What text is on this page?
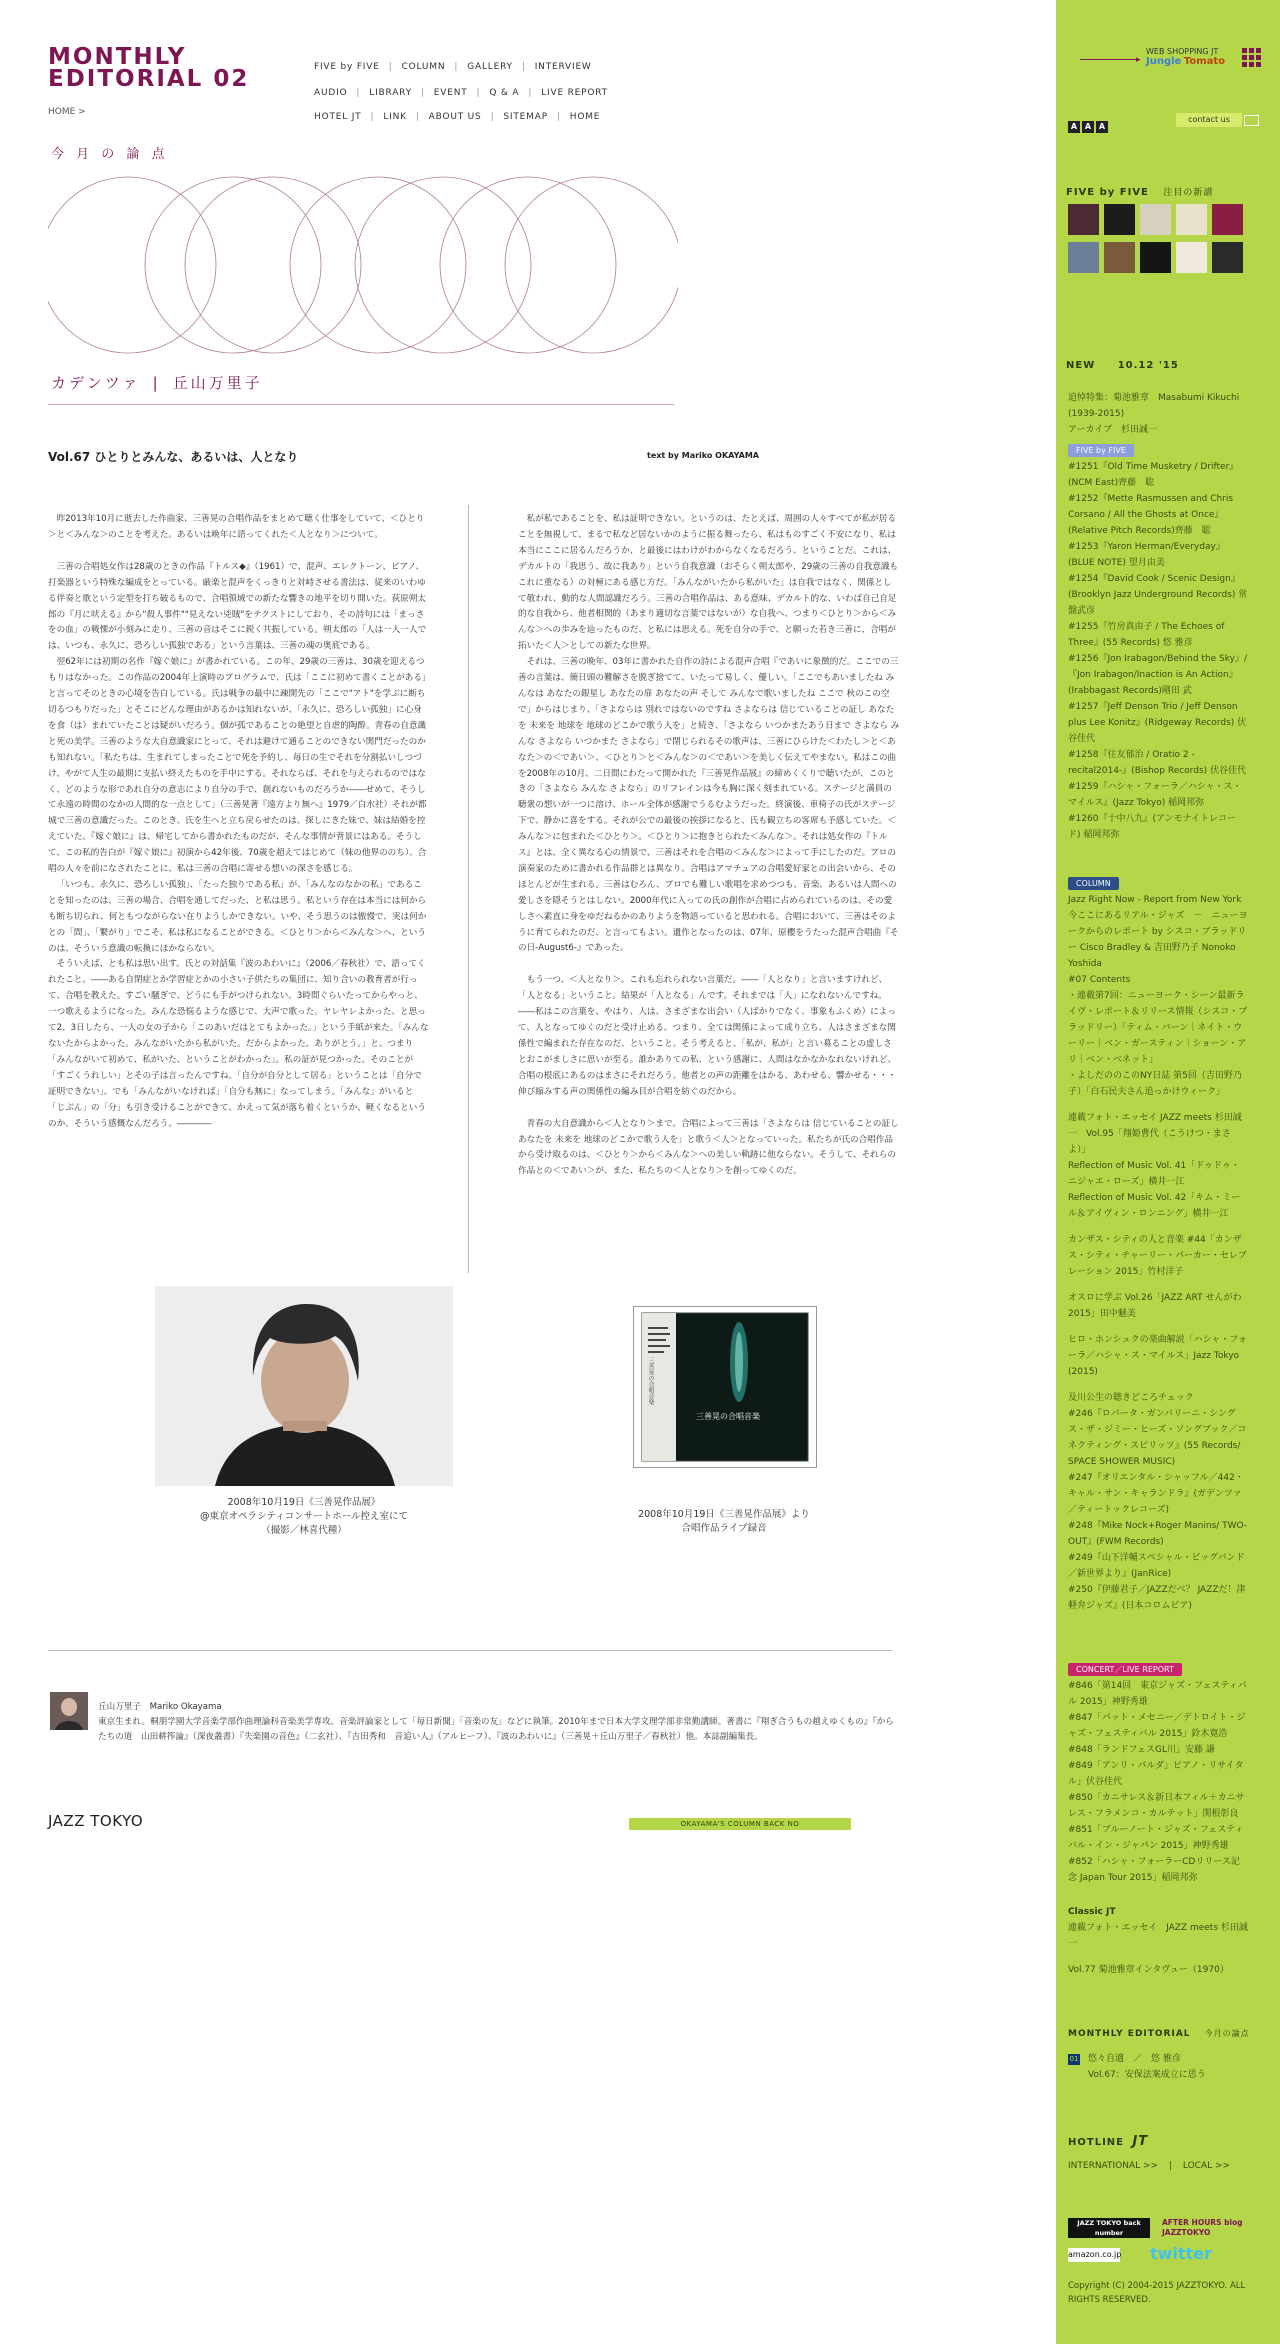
MONTHLY
EDITORIAL 02
HOME >
FIVE by FIVE | COLUMN | GALLERY | INTERVIEW
AUDIO | LIBRARY | EVENT | Q & A | LIVE REPORT
HOTEL JT | LINK | ABOUT US | SITEMAP | HOME
今 月 の 論 点
カデンツァ | 丘山万里子
Vol.67 ひとりとみんな、あるいは、人となり	text by Mariko OKAYAMA

昨2013年10月に逝去した作曲家、三善晃の合唱作品をまとめて聴く仕事をしていて、＜ひとり＞と＜みんな＞のことを考えた。あるいは晩年に語ってくれた＜人となり＞について。

三善の合唱処女作は28歳のときの作品『トルス◆』（1961）で、混声、エレクトーン、ピアノ、打楽器という特殊な編成をとっている。厳楽と混声をくっきりと対峙させる書法は、従来のいわゆる伴奏と歌という定型を打ち破るもので、合唱領域での新たな響きの地平を切り開いた。荻原朔太郎の『月に吠える』から"殺人事件""見えない兇賊"をテクストにしており、その詩句には「まっさをの血」の戦慄が小刻みに走り、三善の音はそこに鋭く共振している。朔太郎の「人は一人一人では、いつも、永久に、恐ろしい孤独である」という言葉は、三善の魂の奥底である。

翌62年には初期の名作『嫁ぐ娘に』が書かれている。この年、29歳の三善は、30歳を迎えるつもりはなかった。この作品の2004年上演時のプログラムで、氏は「ここに初めて書くことがある」と言ってそのときの心境を告白している。氏は戦争の最中に疎開先の「ここで"アト"を学ぶに断ち切るつもりだった」とそこにどんな理由があるかは知れないが、「永久に、恐ろしい孤独」に心身を食（は）まれていたことは疑がいだろう。個が孤であることの絶望と自虐的陶酔。青春の自意識と死の美学。三善のような大自意識家にとって、それは避けて通ることのできない関門だったのかも知れない。「私たちは、生まれてしまったことで死を予約し、毎日の生でそれを分割払いしつづけ、やがて人生の最期に支払い終えたものを手中にする。それならば、それを与えられるのではなく、どのような形であれ自分の意志により自分の手で、創れないものだろうか――せめて、そうして永遠の時間のなかの人間的な一点として」（三善晃著『遠方より無へ』1979／白水社）それが都城で三善の意識だった。このとき、氏を生へと立ち戻らせたのは、探しにきた妹で、妹は結婚を控えていた。『嫁ぐ娘に』は、帰宅してから書かれたものだが、そんな事情が背景にはある。そうして、この私的告白が『嫁ぐ娘に』初演から42年後、70歳を超えてはじめて（妹の他界ののち）、合唱の人々を前になされたことに、私は三善の合唱に寄せる想いの深さを感じる。

「いつも、永久に、恐ろしい孤独」、「たった独りである私」が、「みんなのなかの私」であることを知ったのは、三善の場合、合唱を通してだった、と私は思う。私という存在は本当には何からも断ち切られ、何ともつながらない在りようしかできない。いや、そう思うのは傲慢で、実は何かとの「間」、「繋がり」でこそ、私は私になることができる。＜ひとり＞から＜みんな＞へ、というのは、そういう意識の転換にほかならない。

そういえば、とも私は思い出す。氏との対話集『波のあわいに』（2006／春秋社）で、語ってくれたこと。――ある自閉症とか学習症とかの小さい子供たちの集団に、知り合いの教育者が行って、合唱を教えた。すごい騒ぎで、どうにも手がつけられない。3時間ぐらいたってからやっと、一つ歌えるようになった。みんな恐悩るような感じで、大声で歌った。ヤレヤレよかった、と思って2、3日したら、一人の女の子から「このあいだはとてもよかった。」という手紙が来た。「みんなないたからよかった。みんながいたから私がいた。だからよかった。ありがとう。」と。つまり「みんながいて初めて、私がいた、ということがわかった」。私の証が見つかった。そのことが「すごくうれしい」とその子は言ったんですね。「自分が自分として居る」ということは「自分で証明できない」。でも「みんながいなければ」「自分も無に」なってしまう。「みんな」がいると「じぶん」の「分」も引き受けることができて、かえって気が落ち着くというか、軽くなるというのか、そういう感慨なんだろう。――――

私が私であることを、私は証明できない。というのは、たとえば、周囲の人々すべてが私が居ることを無視して、まるで私など居ないかのように振る舞ったら、私はものすごく不安になり、私は本当にここに居るんだろうか、と最後にはわけがわからなくなるだろう、ということだ。これは、デカルトの「我思う、故に我あり」という自我意識（おそらく朔太郎や、29歳の三善の自我意識もこれに重なる）の対極にある感じ方だ。「みんながいたから私がいた」は自我ではなく、関係として敬われ、動的な人間認識だろう。三善の合唱作品は、ある意味、デカルト的な、いわば自己自足的な自我から、他者相関的（あまり適切な言葉ではないが）な自我へ、つまり＜ひとり＞から＜みんな＞への歩みを辿ったものだ、と私には思える。死を自分の手で、と願った若き三善に、合唱が拓いた＜人＞としての新たな世界。

それは、三善の晩年、03年に書かれた自作の詩による混声合唱『であいに象徴的だ。ここでの三善の言葉は、簡日頭の難解さを脱ぎ捨てて、いたって易しく、優しい。「ここでもあいましたね みんなは あなたの銀星し あなたの扉 あなたの声 そして みんなで歌いましたね ここで 秋のこの空で」からはじまり、「さよならは 別れではないのですね さよならは 信じていることの証し あなたを 未来を 地球を 地球のどこかで歌う人を」と続き、「さよなら いつかまたあう日まで さよなら みんな さよなら いつかまた さよなら」で閉じられるその歌声は、三善にひらけた＜わたし＞と＜あなた＞の＜であい＞、＜ひとり＞と＜みんな＞の＜であい＞を美しく伝えてやまない。私はこの曲を2008年の10月、二日間にわたって開かれた『三善晃作品展』の締めくくりで聴いたが、このときの「さよなら みんな さよなら」のリフレインは今も胸に深く刻まれている。ステージと満員の聴衆の想いが一つに溶け、ホール全体が感謝でうるむようだった。終演後、車椅子の氏がステージ下で、静かに喜をする。それが公での最後の挨拶になると、氏も観立ちの客席も予感していた。＜みんな＞に包まれた＜ひとり＞。＜ひとり＞に抱きとられた＜みんな＞。それは処女作の『トルス』とは、全く異なる心の情景で、三善はそれを合唱の＜みんな＞によって手にしたのだ。プロの演奏家のために書かれる作品群とは異なり、合唱はアマチュアの合唱愛好家との出会いから、そのほとんどが生まれる。三善はむろん、プロでも難しい歌唱を求めつつも、音楽、あるいは人間への愛しさを隠そうとはしない。2000年代に入っての氏の創作が合唱に占められているのは、その愛しさへ素直に身をゆだねるかのありようを物語っていると思われる。合唱において、三善はそのように育てられたのだ、と言ってもよい。遺作となったのは、07年、原櫻をうたった混声合唱曲『その日-August6-』であった。

もう一つ、＜人となり＞。これも忘れられない言葉だ。――「人となり」と言いますけれど、「人となる」ということ。結果が「人となる」んです。それまでは「人」になれないんですね。――私はこの言葉を、やはり、人は、さまざまな出会い（人ばかりでなく、事象もふくめ）によって、人となってゆくのだと受け止める。つまり、全ては関係によって成り立ち、人はさまざまな関係性で編まれた存在なのだ、ということ。そう考えると、「私が、私が」と言い募ることの虚しさとおこがましさに思いが至る。誰かありての私、という感謝に、人間はなかなかなれないけれど、合唱の根底にあるのはまさにそれだろう。他者との声の距離をはかる、あわせる、響かせる・・・伸び縮みする声の関係性の編み目が合唱を紡ぐのだから。

青春の大自意識から＜人となり＞まで。合唱によって三善は「さよならは 信じていることの証し あなたを 未来を 地球のどこかで歌う人を」と歌う＜人＞となっていった。私たちが氏の合唱作品から受け取るのは、＜ひとり＞から＜みんな＞への美しい軌跡に他ならない。そうして、それらの作品との＜であい＞が、また、私たちの＜人となり＞を創ってゆくのだ。

三善晃の合唱音楽
三善晃の合唱音楽
2008年10月19日《三善晃作品展》
@東京オペラシティコンサートホール控え室にて
（撮影／林喜代種）
2008年10月19日《三善晃作品展》より
合唱作品ライブ録音
丘山万里子　Mariko Okayama
東京生まれ。桐朋学園大学音楽学部作曲理論科音楽美学専攻。音楽評論家として「毎日新聞」「音楽の友」などに執筆。2010年まで日本大学文理学部非常勤講師。著書に『翔ぎ合うもの越えゆくもの』『からたちの道　山田耕筰論』（深夜叢書）『失楽園の音色』（二玄社）、『吉田秀和　音追い人』（アルヒーフ）、『波のあわいに』（三善晃＋丘山万里子／春秋社）他。本誌副編集長。
JAZZ TOKYO	OKAYAMA'S COLUMN BACK NO
▸
WEB SHOPPING JT
Jungle Tomato
A A A
contact us
FIVE by FIVE 注目の新譜
NEW 10.12 '15
追悼特集：菊池雅章　Masabumi Kikuchi (1939-2015)
アーカイブ　杉田誠一
FIVE by FIVE
#1251『Old Time Musketry / Drifter』(NCM East)齊藤　聡
#1252『Mette Rasmussen and Chris Corsano / All the Ghosts at Once』(Relative Pitch Records)齊藤　聡
#1253『Yaron Herman/Everyday』(BLUE NOTE) 望月由美
#1254『David Cook / Scenic Design』(Brooklyn Jazz Underground Records) 常盤武彦
#1255『竹房真由子 / The Echoes of Three』(55 Records) 悠 雅彦
#1256『Jon Irabagon/Behind the Sky』/『Jon Irabagon/Inaction is An Action』(Irabbagast Records)剛田 武
#1257『Jeff Denson Trio / Jeff Denson plus Lee Konitz』(Ridgeway Records) 伏谷佳代
#1258『住友郁治 / Oratio 2 - recital2014-』(Bishop Records) 伏谷佳代
#1259『ハシャ・フォーラ／ハシャ・ス・マイルス』(Jazz Tokyo) 稲岡邦弥
#1260『十中八九』(アンモナイトレコード) 稲岡邦弥
COLUMN
Jazz Right Now - Report from New York 今ここにあるリアル・ジャズ　－　ニューヨークからのレポート by シスコ・ブラッドリー Cisco Bradley & 吉田野乃子 Nonoko Yoshida
#07 Contents
・連載第7回：ニューヨーク・シーン最新ライヴ・レポート＆リリース情報（シスコ・ブラッドリー）「ティム・バーン｜ネイト・ウーリー｜ベン・ガースティン｜ショーン・アリ｜ベン・ベネット」
・よしだののこのNY日誌 第5回（吉田野乃子）「白石民夫さん追っかけウィーク」
連載フォト・エッセイ JAZZ meets 杉田誠一　Vol.95「翔姫曹代（こうけつ・まさよ）」
Reflection of Music Vol. 41「ドゥドゥ・ニジャエ・ローズ」横井一江
Reflection of Music Vol. 42「キム・ミール＆アイヴィン・ロンニング」横井一江
カンザス・シティの人と音楽 #44「カンザス・シティ・チャーリー・パーカー・セレブレーション 2015」竹村洋子
オスロに学ぶ Vol.26「JAZZ ART せんがわ 2015」田中魅美
ヒロ・ホンシュクの楽曲解説「ハシャ・フォーラ／ハシャ・ス・マイルス」Jazz Tokyo (2015)
及川公生の聴きどころチェック
#246『ロバータ・ガンバリーニ・シングス・ザ・ジミー・ヒーズ・ソングブック／コネクティング・スピリッツ』(55 Records/ SPACE SHOWER MUSIC)
#247『オリエンタル・シャッフル／442・キャル・サン・キャランドラ』(ガデンツァ／ティートックレコーズ)
#248『Mike Nock+Roger Manins/ TWO-OUT』(FWM Records)
#249『山下洋輔スペシャル・ビッグバンド／新世界より』(JanRice)
#250『伊藤君子／JAZZだべ？ JAZZだ！津軽弁ジャズ』(日本コロムビア)
CONCERT／LIVE REPORT
#846「第14回　東京ジャズ・フェスティバル 2015」神野秀雄
#847「パット・メセニー／デトロイト・ジャズ・フェスティバル 2015」鈴木寛浩
#848「ランドフェスGL川」安藤 謙
#849「アンリ・パルダ」ピアノ・リサイタル」伏谷佳代
#850「カニサレス＆新日本フィル＋カニサレス・フラメンコ・カルテット」関根彰良
#851「ブルーノート・ジャズ・フェスティバル・イン・ジャパン 2015」神野秀雄
#852「ハシャ・フォーラーCDリリース記念 Japan Tour 2015」稲岡邦弥
Classic JT
連載フォト・エッセイ　JAZZ meets 杉田誠一
Vol.77 菊池雅章インタヴュー（1970）
MONTHLY EDITORIAL 今月の論点
01 悠々自適　／　悠 雅彦
Vol.67：安保法案成立に思う
HOTLINE JT
INTERNATIONAL >> | LOCAL >>
JAZZ TOKYO back number
AFTER HOURS blog JAZZTOKYO
amazon.co.jp twitter
Copyright (C) 2004-2015 JAZZTOKYO. ALL RIGHTS RESERVED.
